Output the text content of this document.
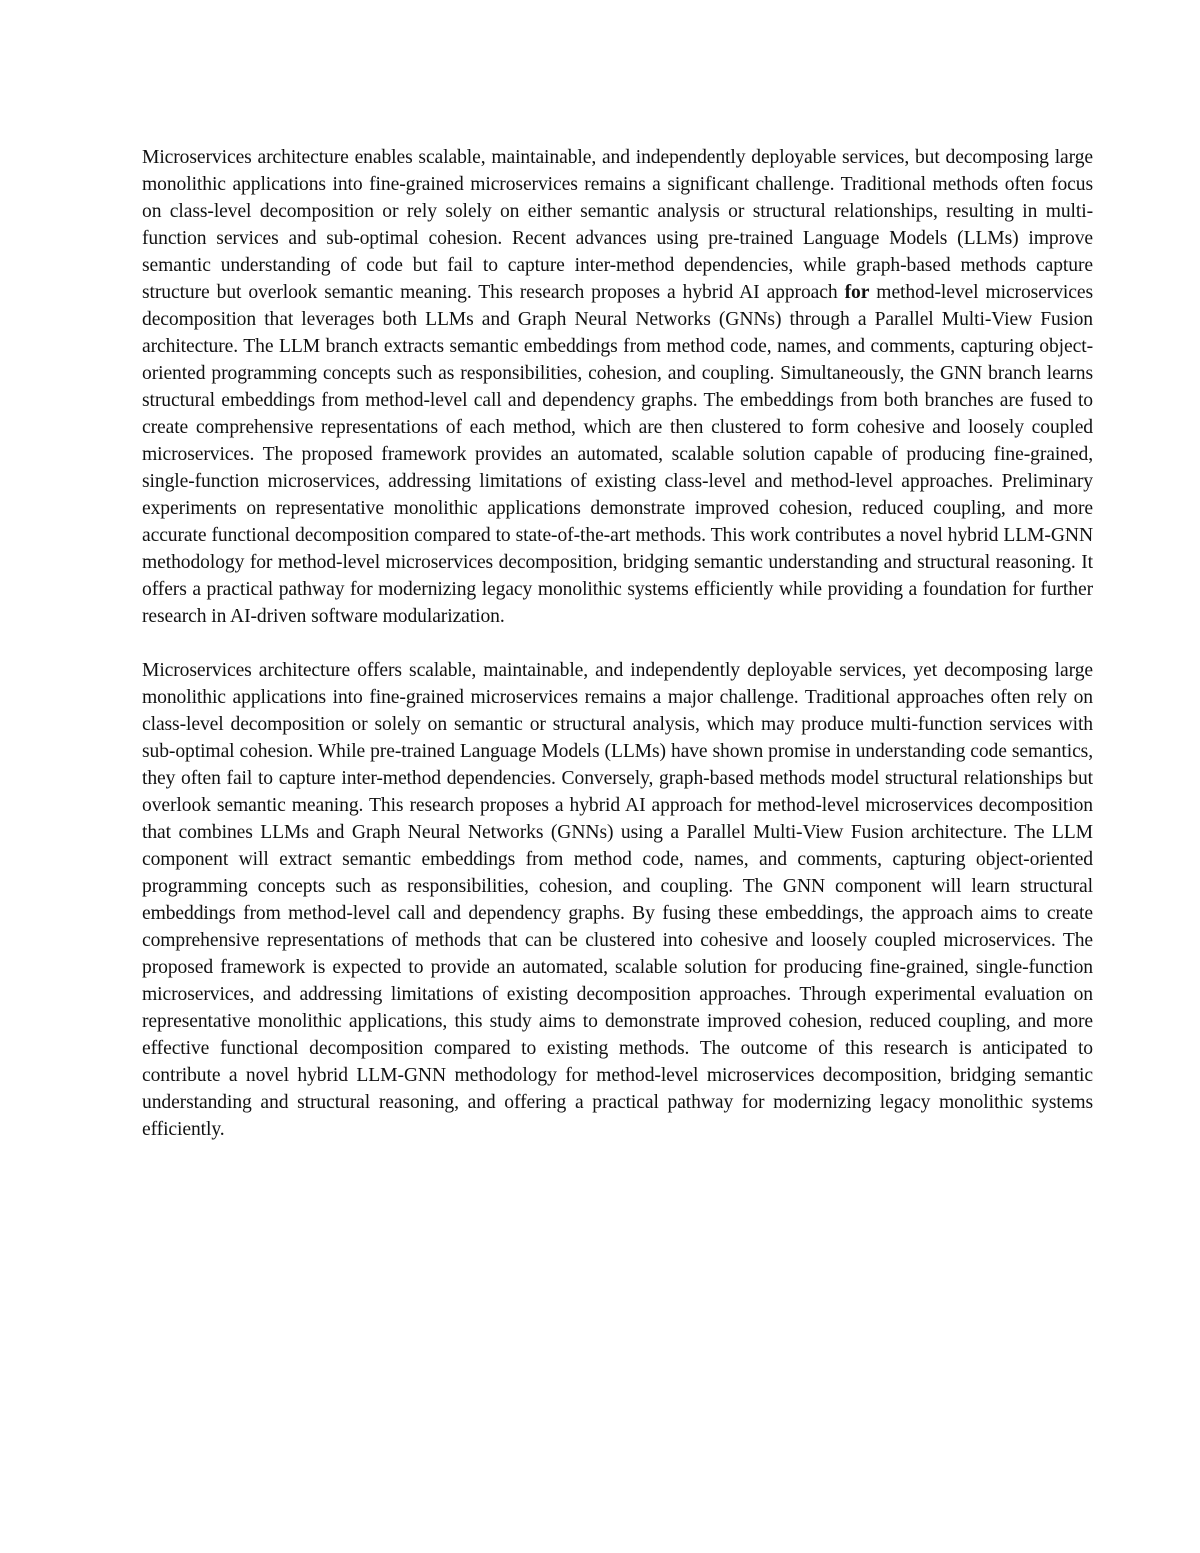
Microservices architecture enables scalable, maintainable, and independently deployable services, but decomposing large monolithic applications into fine-grained microservices remains a significant challenge. Traditional methods often focus on class-level decomposition or rely solely on either semantic analysis or structural relationships, resulting in multi-function services and sub-optimal cohesion. Recent advances using pre-trained Language Models (LLMs) improve semantic understanding of code but fail to capture inter-method dependencies, while graph-based methods capture structure but overlook semantic meaning. This research proposes a hybrid AI approach for method-level microservices decomposition that leverages both LLMs and Graph Neural Networks (GNNs) through a Parallel Multi-View Fusion architecture. The LLM branch extracts semantic embeddings from method code, names, and comments, capturing object-oriented programming concepts such as responsibilities, cohesion, and coupling. Simultaneously, the GNN branch learns structural embeddings from method-level call and dependency graphs. The embeddings from both branches are fused to create comprehensive representations of each method, which are then clustered to form cohesive and loosely coupled microservices. The proposed framework provides an automated, scalable solution capable of producing fine-grained, single-function microservices, addressing limitations of existing class-level and method-level approaches. Preliminary experiments on representative monolithic applications demonstrate improved cohesion, reduced coupling, and more accurate functional decomposition compared to state-of-the-art methods. This work contributes a novel hybrid LLM-GNN methodology for method-level microservices decomposition, bridging semantic understanding and structural reasoning. It offers a practical pathway for modernizing legacy monolithic systems efficiently while providing a foundation for further research in AI-driven software modularization.

Microservices architecture offers scalable, maintainable, and independently deployable services, yet decomposing large monolithic applications into fine-grained microservices remains a major challenge. Traditional approaches often rely on class-level decomposition or solely on semantic or structural analysis, which may produce multi-function services with sub-optimal cohesion. While pre-trained Language Models (LLMs) have shown promise in understanding code semantics, they often fail to capture inter-method dependencies. Conversely, graph-based methods model structural relationships but overlook semantic meaning. This research proposes a hybrid AI approach for method-level microservices decomposition that combines LLMs and Graph Neural Networks (GNNs) using a Parallel Multi-View Fusion architecture. The LLM component will extract semantic embeddings from method code, names, and comments, capturing object-oriented programming concepts such as responsibilities, cohesion, and coupling. The GNN component will learn structural embeddings from method-level call and dependency graphs. By fusing these embeddings, the approach aims to create comprehensive representations of methods that can be clustered into cohesive and loosely coupled microservices. The proposed framework is expected to provide an automated, scalable solution for producing fine-grained, single-function microservices, and addressing limitations of existing decomposition approaches. Through experimental evaluation on representative monolithic applications, this study aims to demonstrate improved cohesion, reduced coupling, and more effective functional decomposition compared to existing methods. The outcome of this research is anticipated to contribute a novel hybrid LLM-GNN methodology for method-level microservices decomposition, bridging semantic understanding and structural reasoning, and offering a practical pathway for modernizing legacy monolithic systems efficiently.
